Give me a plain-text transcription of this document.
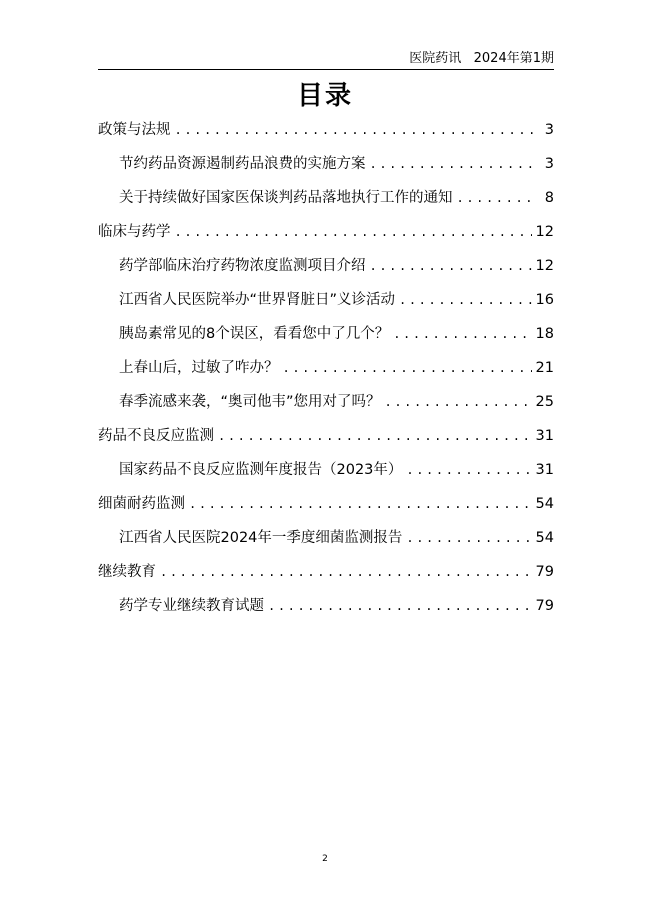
医院药讯   2024年第1期
目录
政策与法规 .....	3
节约药品资源遏制药品浪费的实施方案 .....	3
关于持续做好国家医保谈判药品落地执行工作的通知 .....	8
临床与药学 .....	12
药学部临床治疗药物浓度监测项目介绍 .....	12
江西省人民医院举办“世界肾脏日”义诊活动 .....	16
胰岛素常见的8个误区，看看您中了几个？ .....	18
上春山后，过敏了咋办？ .....	21
春季流感来袭，“奥司他韦”您用对了吗？ .....	25
药品不良反应监测 .....	31
国家药品不良反应监测年度报告（2023年） .....	31
细菌耐药监测 .....	54
江西省人民医院2024年一季度细菌监测报告 .....	54
继续教育 .....	79
药学专业继续教育试题 .....	79
2
